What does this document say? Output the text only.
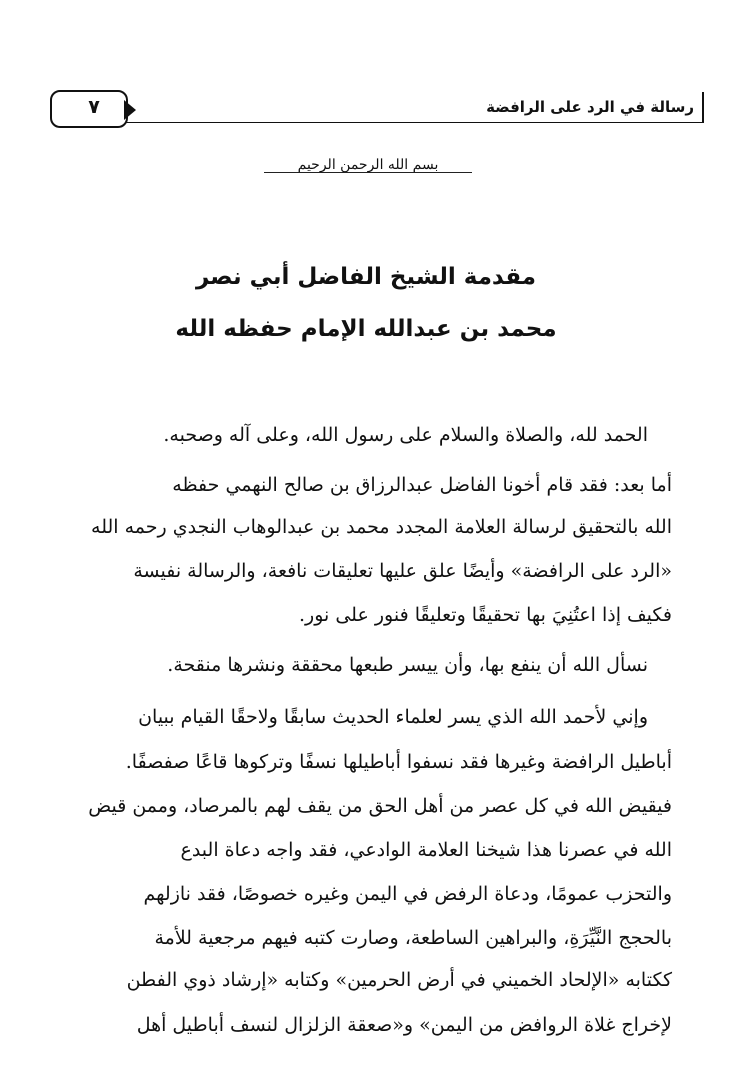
رسالة في الرد على الرافضة
٧
بسم الله الرحمن الرحيم
مقدمة الشيخ الفاضل أبي نصر
محمد بن عبدالله الإمام حفظه الله
الحمد لله، والصلاة والسلام على رسول الله، وعلى آله وصحبه.
أما بعد: فقد قام أخونا الفاضل عبدالرزاق بن صالح النهمي حفظه
الله بالتحقيق لرسالة العلامة المجدد محمد بن عبدالوهاب النجدي رحمه الله
«الرد على الرافضة» وأيضًا علق عليها تعليقات نافعة، والرسالة نفيسة
فكيف إذا اعتُنِيَ بها تحقيقًا وتعليقًا فنور على نور.
نسأل الله أن ينفع بها، وأن ييسر طبعها محققة ونشرها منقحة.
وإني لأحمد الله الذي يسر لعلماء الحديث سابقًا ولاحقًا القيام ببيان
أباطيل الرافضة وغيرها فقد نسفوا أباطيلها نسفًا وتركوها قاعًا صفصفًا.
فيقيض الله في كل عصر من أهل الحق من يقف لهم بالمرصاد، وممن قيض
الله في عصرنا هذا شيخنا العلامة الوادعي، فقد واجه دعاة البدع
والتحزب عمومًا، ودعاة الرفض في اليمن وغيره خصوصًا، فقد نازلهم
بالحجج النَّيِّرَةِ، والبراهين الساطعة، وصارت كتبه فيهم مرجعية للأمة
ككتابه «الإلحاد الخميني في أرض الحرمين» وكتابه «إرشاد ذوي الفطن
لإخراج غلاة الروافض من اليمن» و«صعقة الزلزال لنسف أباطيل أهل
